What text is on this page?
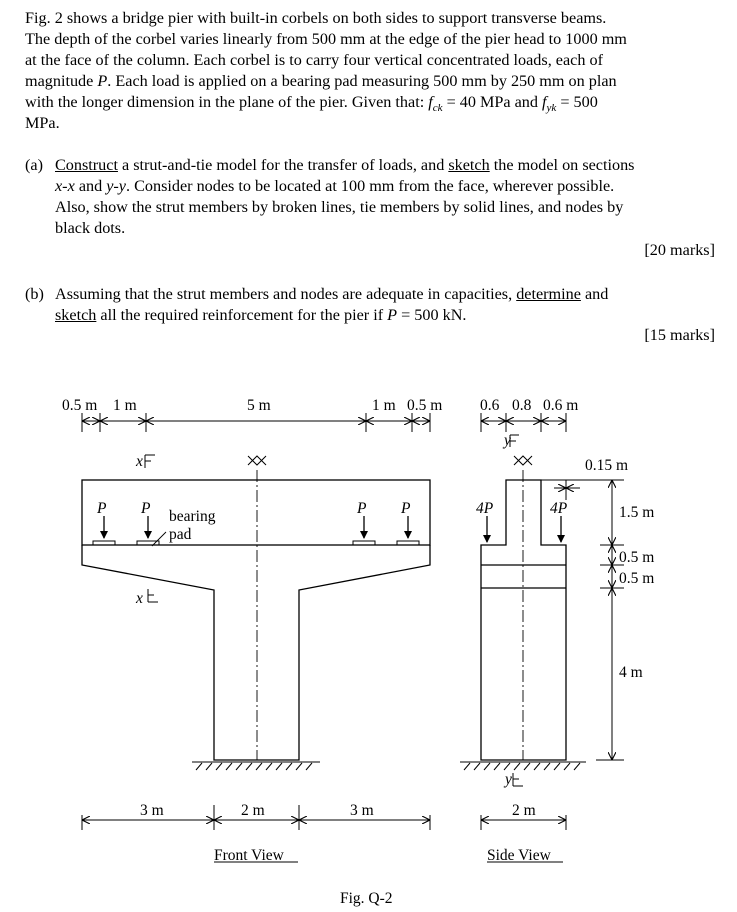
Fig. 2 shows a bridge pier with built-in corbels on both sides to support transverse beams.
The depth of the corbel varies linearly from 500 mm at the edge of the pier head to 1000 mm
at the face of the column. Each corbel is to carry four vertical concentrated loads, each of
magnitude P. Each load is applied on a bearing pad measuring 500 mm by 250 mm on plan
with the longer dimension in the plane of the pier. Given that: $f_{ck} = 40$ MPa and $f_{yk} = 500$
MPa.
(a) Construct a strut-and-tie model for the transfer of loads, and sketch the model on sections
x-x and y-y. Consider nodes to be located at 100 mm from the face, wherever possible.
Also, show the strut members by broken lines, tie members by solid lines, and nodes by
black dots.
[20 marks]
(b) Assuming that the strut members and nodes are adequate in capacities, determine and
sketch all the required reinforcement for the pier if P = 500 kN.
[15 marks]
0.5 m 1 m	5 m	1 m 0.5 m
P P	P P
bearing
pad
x
x
3 m	2 m	3 m
Front View
0.6 0.8 0.6 m
0.15 m
1.5 m
0.5 m
0.5 m
4 m
4P	4P
y
y
2 m
Side View
Fig. Q-2
